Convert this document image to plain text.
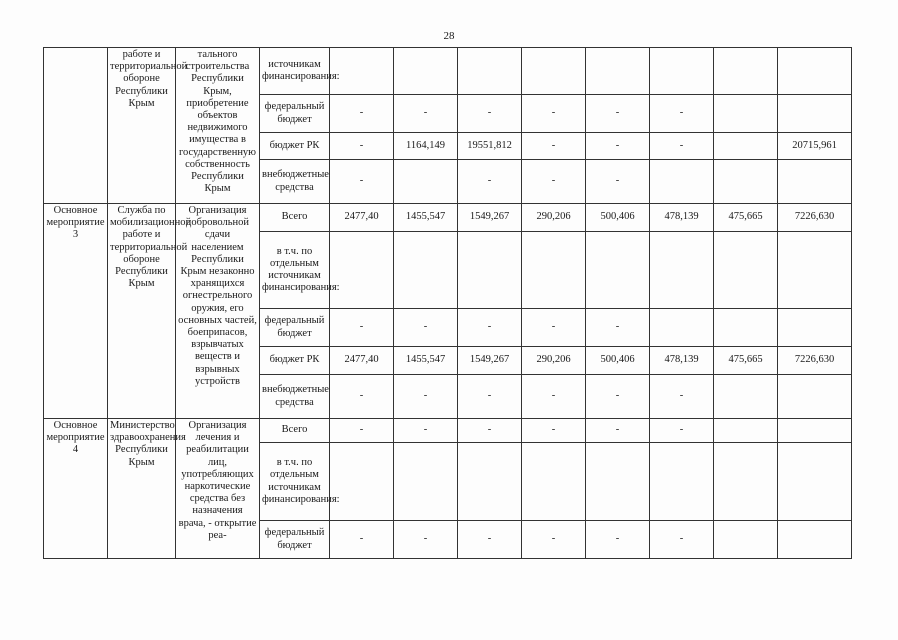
28
	работе и территориальной обороне Республики Крым	тального строительства Республики Крым, приобретение объектов недвижимого имущества в государственную собственность Республики Крым	источникам финансирования:								
			федеральный бюджет	-	-	-	-	-	-		
			бюджет РК	-	1164,149	19551,812	-	-	-		20715,961
			внебюджетные средства	-		-	-	-			
Основное мероприятие 3	Служба по мобилизационной работе и территориальной обороне Республики Крым	Организация добровольной сдачи населением Республики Крым незаконно хранящихся огнестрельного оружия, его основных частей, боеприпасов, взрывчатых веществ и взрывных устройств	Всего	2477,40	1455,547	1549,267	290,206	500,406	478,139	475,665	7226,630
			в т.ч. по отдельным источникам финансирования:								
			федеральный бюджет	-	-	-	-	-			
			бюджет РК	2477,40	1455,547	1549,267	290,206	500,406	478,139	475,665	7226,630
			внебюджетные средства	-	-	-	-	-	-		
Основное мероприятие 4	Министерство здравоохранения Республики Крым	Организация лечения и реабилитации лиц, употребляющих наркотические средства без назначения врача, - открытие реа-	Всего	-	-	-	-	-	-		
			в т.ч. по отдельным источникам финансирования:								
			федеральный бюджет	-	-	-	-	-	-		
